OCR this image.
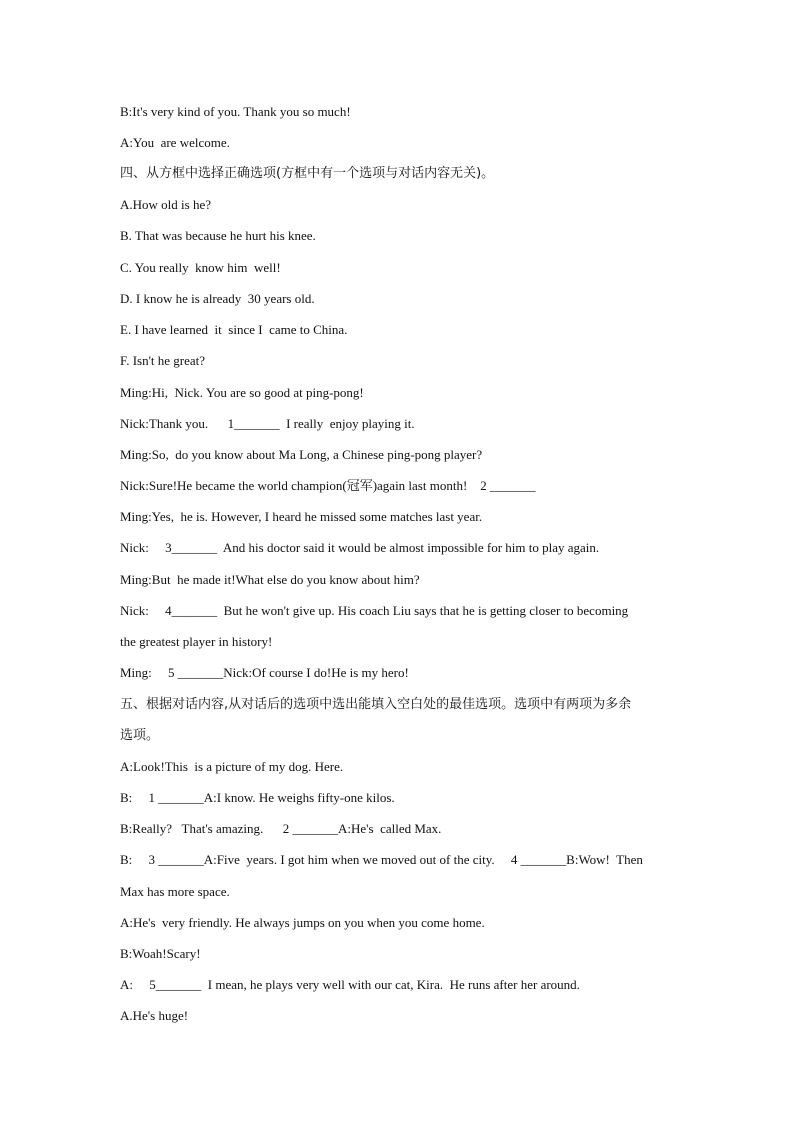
B:It's very kind of you. Thank you so much!
A:You  are welcome.
四、从方框中选择正确选项(方框中有一个选项与对话内容无关)。
A.How old is he?
B. That was because he hurt his knee.
C. You really  know him  well!
D. I know he is already  30 years old.
E. I have learned  it  since I  came to China.
F. Isn't he great?
Ming:Hi,  Nick. You are so good at ping-pong!
Nick:Thank you.      1_______  I really  enjoy playing it.
Ming:So,  do you know about Ma Long, a Chinese ping-pong player?
Nick:Sure!He became the world champion(冠军)again last month!    2 _______
Ming:Yes,  he is. However, I heard he missed some matches last year.
Nick:     3_______  And his doctor said it would be almost impossible for him to play again.
Ming:But  he made it!What else do you know about him?
Nick:     4_______  But he won't give up. His coach Liu says that he is getting closer to becoming
the greatest player in history!
Ming:     5 _______Nick:Of course I do!He is my hero!
五、根据对话内容,从对话后的选项中选出能填入空白处的最佳选项。选项中有两项为多余
选项。
A:Look!This  is a picture of my dog. Here.
B:     1 _______A:I know. He weighs fifty-one kilos.
B:Really?   That's amazing.      2 _______A:He's  called Max.
B:     3 _______A:Five  years. I got him when we moved out of the city.     4 _______B:Wow!  Then
Max has more space.
A:He's  very friendly. He always jumps on you when you come home.
B:Woah!Scary!
A:     5_______  I mean, he plays very well with our cat, Kira.  He runs after her around.
A.He's huge!
